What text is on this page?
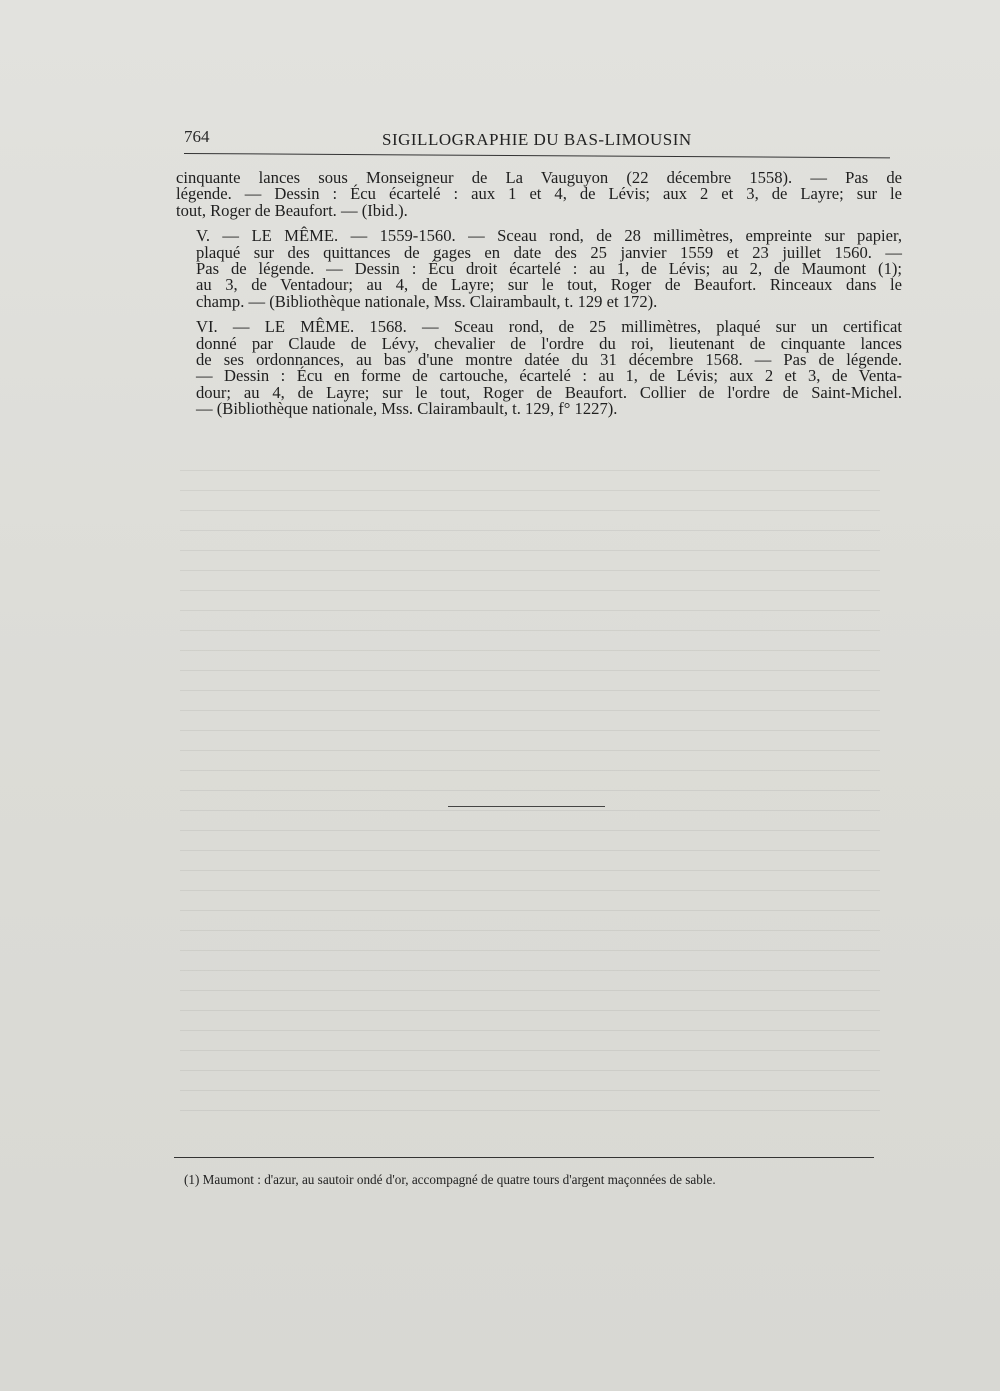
764	SIGILLOGRAPHIE DU BAS-LIMOUSIN

cinquante lances sous Monseigneur de La Vauguyon (22 décembre 1558). — Pas de
légende. — Dessin : Écu écartelé : aux 1 et 4, de Lévis; aux 2 et 3, de Layre; sur le
tout, Roger de Beaufort. — (Ibid.).

V. — LE MÊME. — 1559-1560. — Sceau rond, de 28 millimètres, empreinte sur papier,
plaqué sur des quittances de gages en date des 25 janvier 1559 et 23 juillet 1560. —
Pas de légende. — Dessin : Écu droit écartelé : au 1, de Lévis; au 2, de Maumont (1);
au 3, de Ventadour; au 4, de Layre; sur le tout, Roger de Beaufort. Rinceaux dans le
champ. — (Bibliothèque nationale, Mss. Clairambault, t. 129 et 172).

VI. — LE MÊME. 1568. — Sceau rond, de 25 millimètres, plaqué sur un certificat
donné par Claude de Lévy, chevalier de l'ordre du roi, lieutenant de cinquante lances
de ses ordonnances, au bas d'une montre datée du 31 décembre 1568. — Pas de légende.
— Dessin : Écu en forme de cartouche, écartelé : au 1, de Lévis; aux 2 et 3, de Venta-
dour; au 4, de Layre; sur le tout, Roger de Beaufort. Collier de l'ordre de Saint-Michel.
— (Bibliothèque nationale, Mss. Clairambault, t. 129, f° 1227).

(1) Maumont : d'azur, au sautoir ondé d'or, accompagné de quatre tours d'argent maçonnées de sable.
